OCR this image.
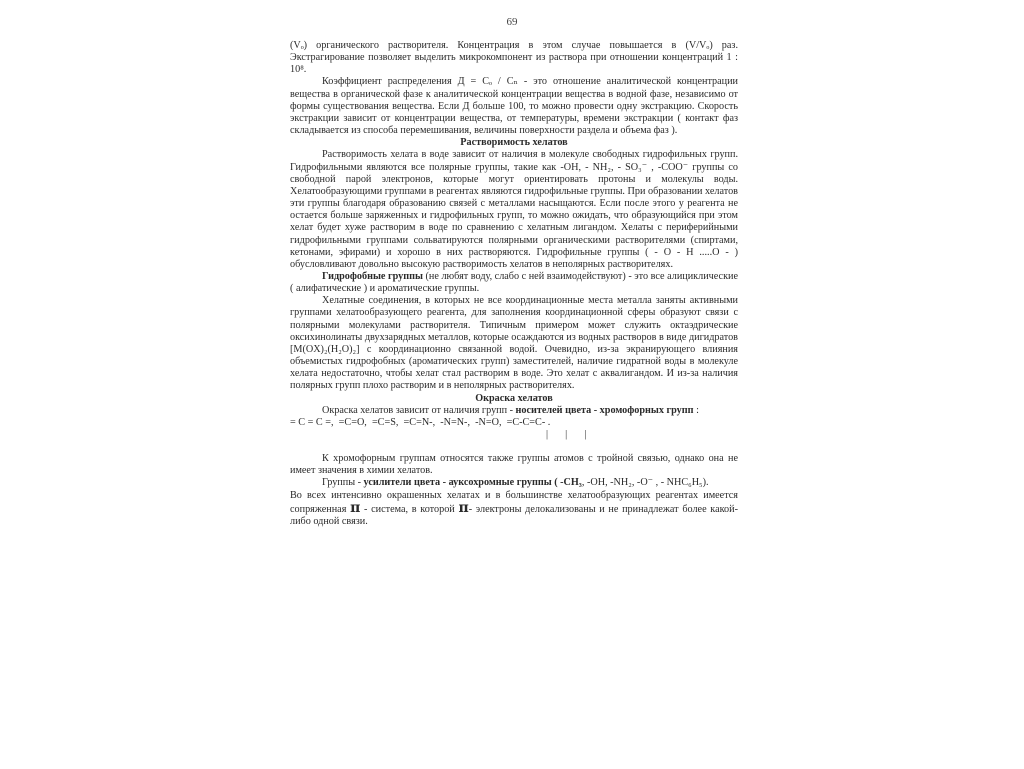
69

(Vₒ) органического растворителя. Концентрация в этом случае повышается в (V/Vₒ) раз. Экстрагирование позволяет выделить микрокомпонент из раствора при отношении концентраций 1 : 10⁸.

Коэффициент распределения Д = Cₒ / Cₙ - это отношение аналитической концентрации вещества в органической фазе к аналитической концентрации вещества в водной фазе, независимо от формы существования вещества. Если Д больше 100, то можно провести одну экстракцию. Скорость экстракции зависит от концентрации вещества, от температуры, времени экстракции ( контакт фаз складывается из способа перемешивания, величины поверхности раздела и объема фаз ).

Растворимость хелатов

Растворимость хелата в воде зависит от наличия в молекуле свободных гидрофильных групп. Гидрофильными являются все полярные группы, такие как -OH, - NH₂, - SO₃⁻ , -COO⁻ группы со свободной парой электронов, которые могут ориентировать протоны и молекулы воды. Хелатообразующими группами в реагентах являются гидрофильные группы. При образовании хелатов эти группы благодаря образованию связей с металлами насыщаются. Если после этого у реагента не остается больше заряженных и гидрофильных групп, то можно ожидать, что образующийся при этом хелат будет хуже растворим в воде по сравнению с хелатным лигандом. Хелаты с периферийными гидрофильными группами сольватируются полярными органическими растворителями (спиртами, кетонами, эфирами) и хорошо в них растворяются. Гидрофильные группы ( - O - H .....O - ) обусловливают довольно высокую растворимость хелатов в неполярных растворителях.

Гидрофобные группы (не любят воду, слабо с ней взаимодействуют) - это все алициклические ( алифатические ) и ароматические группы.

Хелатные соединения, в которых не все координационные места металла заняты активными группами хелатообразующего реагента, для заполнения координационной сферы образуют связи с полярными молекулами растворителя. Типичным примером может служить октаэдрические оксихинолинаты двухзарядных металлов, которые осаждаются из водных растворов в виде дигидратов [M(OX)₂(H₂O)₂] с координационно связанной водой. Очевидно, из-за экранирующего влияния объемистых гидрофобных (ароматических групп) заместителей, наличие гидратной воды в молекуле хелата недостаточно, чтобы хелат стал растворим в воде. Это хелат с аквалигандом. И из-за наличия полярных групп плохо растворим и в неполярных растворителях.

Окраска хелатов

Окраска хелатов зависит от наличия групп - носителей цвета - хромофорных групп :

= C = C =,  =C=O,  =C=S,  =C=N-,  -N=N-,  -N=O,  =C-C=C- .

|  |  |

К хромофорным группам относятся также группы атомов с тройной связью, однако она не имеет значения в химии хелатов.

Группы - усилители цвета - ауксохромные группы ( -CH₃, -OH, -NH₂, -O⁻ , - NHC₆H₅).

Во всех интенсивно окрашенных хелатах и в большинстве хелатообразующих реагентах имеется сопряженная π - система, в которой π- электроны делокализованы и не принадлежат более какой-либо одной связи.
